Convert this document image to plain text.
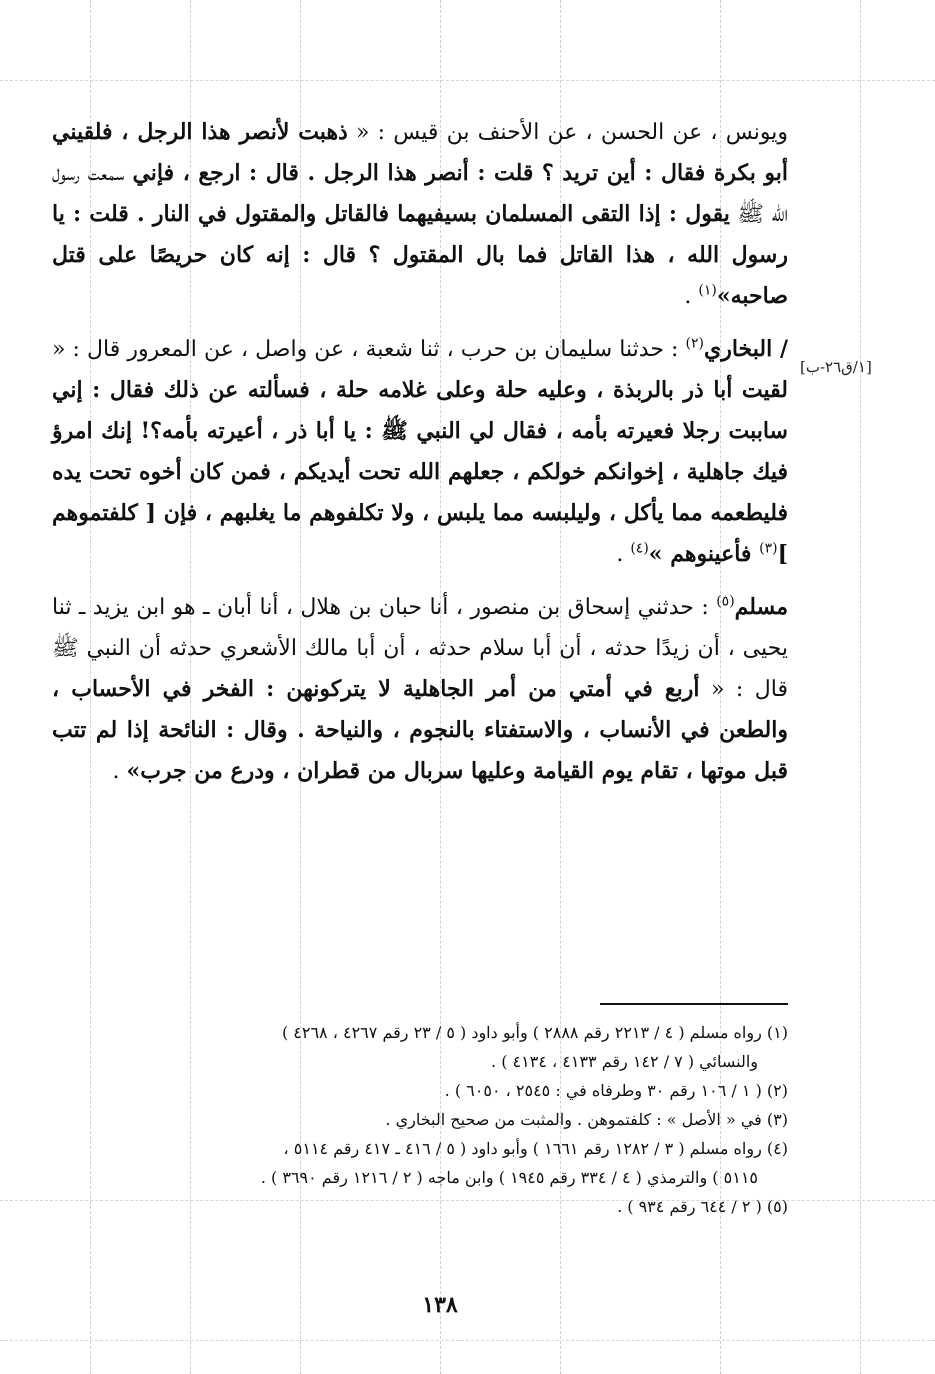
[١/ق٢٦-ب]

ويونس ، عن الحسن ، عن الأحنف بن قيس : « ذهبت لأنصر هذا الرجل ، فلقيني أبو بكرة فقال : أين تريد ؟ قلت : أنصر هذا الرجل . قال : ارجع ، فإني سمعت رسول الله ﷺ يقول : إذا التقى المسلمان بسيفيهما فالقاتل والمقتول في النار . قلت : يا رسول الله ، هذا القاتل فما بال المقتول ؟ قال : إنه كان حريصًا على قتل صاحبه»$^{(١)}$ .

/ البخاري$^{(٢)}$ : حدثنا سليمان بن حرب ، ثنا شعبة ، عن واصل ، عن المعرور قال : « لقيت أبا ذر بالربذة ، وعليه حلة وعلى غلامه حلة ، فسألته عن ذلك فقال : إني ساببت رجلا فعيرته بأمه ، فقال لي النبي ﷺ : يا أبا ذر ، أعيرته بأمه؟! إنك امرؤ فيك جاهلية ، إخوانكم خولكم ، جعلهم الله تحت أيديكم ، فمن كان أخوه تحت يده فليطعمه مما يأكل ، وليلبسه مما يلبس ، ولا تكلفوهم ما يغلبهم ، فإن [ كلفتموهم ]$^{(٣)}$ فأعينوهم »$^{(٤)}$ .

مسلم$^{(٥)}$ : حدثني إسحاق بن منصور ، أنا حبان بن هلال ، أنا أبان ـ هو ابن يزيد ـ ثنا يحيى ، أن زيدًا حدثه ، أن أبا سلام حدثه ، أن أبا مالك الأشعري حدثه أن النبي ﷺ قال : « أربع في أمتي من أمر الجاهلية لا يتركونهن : الفخر في الأحساب ، والطعن في الأنساب ، والاستفتاء بالنجوم ، والنياحة . وقال : النائحة إذا لم تتب قبل موتها ، تقام يوم القيامة وعليها سربال من قطران ، ودرع من جرب» .

(١) رواه مسلم ( ٤ / ٢٢١٣ رقم ٢٨٨٨ ) وأبو داود ( ٥ / ٢٣ رقم ٤٢٦٧ ، ٤٢٦٨ )

والنسائي ( ٧ / ١٤٢ رقم ٤١٣٣ ، ٤١٣٤ ) .

(٢) ( ١ / ١٠٦ رقم ٣٠ وطرفاه في : ٢٥٤٥ ، ٦٠٥٠ ) .

(٣) في « الأصل » : كلفتموهن . والمثبت من صحيح البخاري .

(٤) رواه مسلم ( ٣ / ١٢٨٢ رقم ١٦٦١ ) وأبو داود ( ٥ / ٤١٦ ـ ٤١٧ رقم ٥١١٤ ،

٥١١٥ ) والترمذي ( ٤ / ٣٣٤ رقم ١٩٤٥ ) وابن ماجه ( ٢ / ١٢١٦ رقم ٣٦٩٠ ) .

(٥) ( ٢ / ٦٤٤ رقم ٩٣٤ ) .

١٣٨
